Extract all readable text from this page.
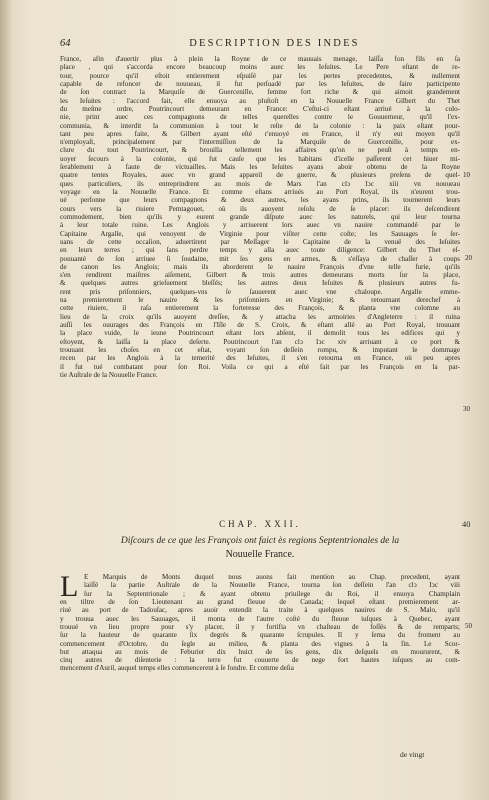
64	DESCRIPTION DES INDES
France, afin d'auertir plus à plein la Royne de ce mauuais menage, laiſſa fon fils en ſa
place , qui s'accorda encore beaucoup moins auec les Ieſuites. Le Pere eſtant de re-
tour, pource qu'il eſtoit entierement eſpuiſé par les pertes precedentes, & nullement
capable de refoncer de nouueau, il fut perſuadé par les Ieſuites, de faire participente
de ſon contract la Marquiſe de Guercenille, femme fort riche & qui aimoit grandement
les Ieſuites : l'accord fait, elle enuoya au pluſtoſt en la Nouuelle France Gilbert du Thet
du meſme ordre, Poutrincourt demeurant en France: C'eſtui-ci eſtant arriué à la colo-
nie, print auec ces compagnons de telles querelles contre le Gouuerneur, qu'il l'ex-
communia, & interdit la communion à tout le reſte de la colonie : la paix eſtant pour-
tant peu apres faite, & Gilbert ayant eſté r'enuoyé en France, il n'y eut moyen qu'il
n'employaſt, principalement par l'intermiſſion de la Marquiſe de Guercenille, pour ex-
clure du tout Poutrincourt, & brouilla tellement les affaires qu'on ne peuſt à temps en-
uoyer ſecours à la colonie, qui fut cauſe que les habitans d'icelle paſſerent cet hiuer mi-
ſerablement à faute de victuailles. Mais les Ieſuites ayans aboir obtenu de la Royne
quatre tentes Royales, auec vn grand appareil de guerre, & plusieurs preſens de quel-
ques particuliers, ils entreprindrent au mois de Mars l'an clↄ Iↄc xiii vn nouueau
voyage en la Nouuelle France. Et comme eſtans arriués au Port Royal, ils n'eurent trou-
ué perſonne que leurs compagnons & deux autres, les ayans prins, ils tournerent leurs
cours vers la riuiere Pemtagouet, où ils auoyent reſolu de ſe placer: ils deſcendirent
commodement, bien qu'ils y eurent grande diſpute auec les naturels, qui leur tourna
à leur totale ruine. Les Anglois y arriuerent lors auec vn nauire commandé par le
Capitaine Argalle, qui venoyent de Virginie pour viſiter cette coſte; les Sauuages ſe ſer-
uans de cette occaſion, aduertirent par Meſſager le Capitaine de la venuë des Ieſuites
en leurs terres ; qui ſans perdre temps y alla auec toute diligence: Gilbert du Thet eſ-
pouuanté de ſon arriuee ſi ſoudaine, mit ſes gens en armes, & s'eſſaya de chaſſer à coups
de canon les Anglois; mais ils aborderent le nauire François d'vne telle furie, qu'ils
s'en rendirent maiſtres aiſement, Gilbert & trois autres demeurans morts ſur la place,
& quelques autres grieſuement bleſſés; les autres deux Ieſuites & plusieurs autres fu-
rent pris priſonniers, quelques-vns ſe ſauuerent auec vne chaloupe. Argalle emme-
na premierement le nauire & les priſonniers en Virginie; & retournant derechef à
cette riuiere, il raſa entierement la forteresse des François, & planta vne colomne au
lieu de la croix qu'ils auoyent dreſſee, & y attacha les armoiries d'Angleterre : il ruina
auſſi les ouurages des François en l'Iſle de S. Croix, & eſtant allé au Port Royal, trouuant
la place vuide, le ieune Poutrincourt eſtant lors abſent, il demolit tous les edifices qui y
eſtoyent, & laiſſa la place deſerte. Poutrincourt l'an clↄ Iↄc xiv arriuant à ce port &
trouuant les choſes en cet eſtat, voyant ſon deſſein rompu, & imputant le dommage
receu par les Anglois à la temerité des Ieſuites, il s'en retourna en France, où peu apres
il fut tué combatant pour ſon Roi. Voila ce qui a eſté fait par les François en la par-
tie Auſtrale de la Nouuelle France.
10
20
30
CHAP. XXII.	40
Diſcours de ce que les François ont faict ès regions Septentrionales de la
Nouuelle France.
L E Marquis de Monts duquel nous auons fait mention au Chap. precedent, ayant
laiſſé la partie Auſtrale de la Nouuelle France, tourna ſon deſſein l'an clↄ Iↄc viii
ſur la Septentrionale ; & ayant obtenu priuilege du Roi, il enuoya Champlain
en tiltre de ſon Lieutenant au grand fleuue de Canada; lequel eſtant premierement ar-
riué au port de Tadouſac, apres auoir entendit la traite à quelques nauires de S. Malo, qu'il
y trouua auec les Sauuages, il monta de l'autre coſté du fleuue iuſques à Quebec, ayant
trouué vn lieu propre pour s'y placer, il y fortifia vn chaſteau de foſſés & de remparts;
ſur la hauteur de quarante ſix degrés & quarante ſcrupules. Il y ſema du froment au
commencement d'Octobre, du ſegle au milieu, & planta des vignes à la fin. Le Scor-
but attaqua au mois de Feburier dix huict de ſes gens, dix deſquels en moururent, &
cinq autres de diſenterie : la terre fut couuerte de nege fort hautes iuſques au com-
mencement d'Auril, auquel temps elles commencerent à ſe fondre. Et comme deſia
50
de vingt
